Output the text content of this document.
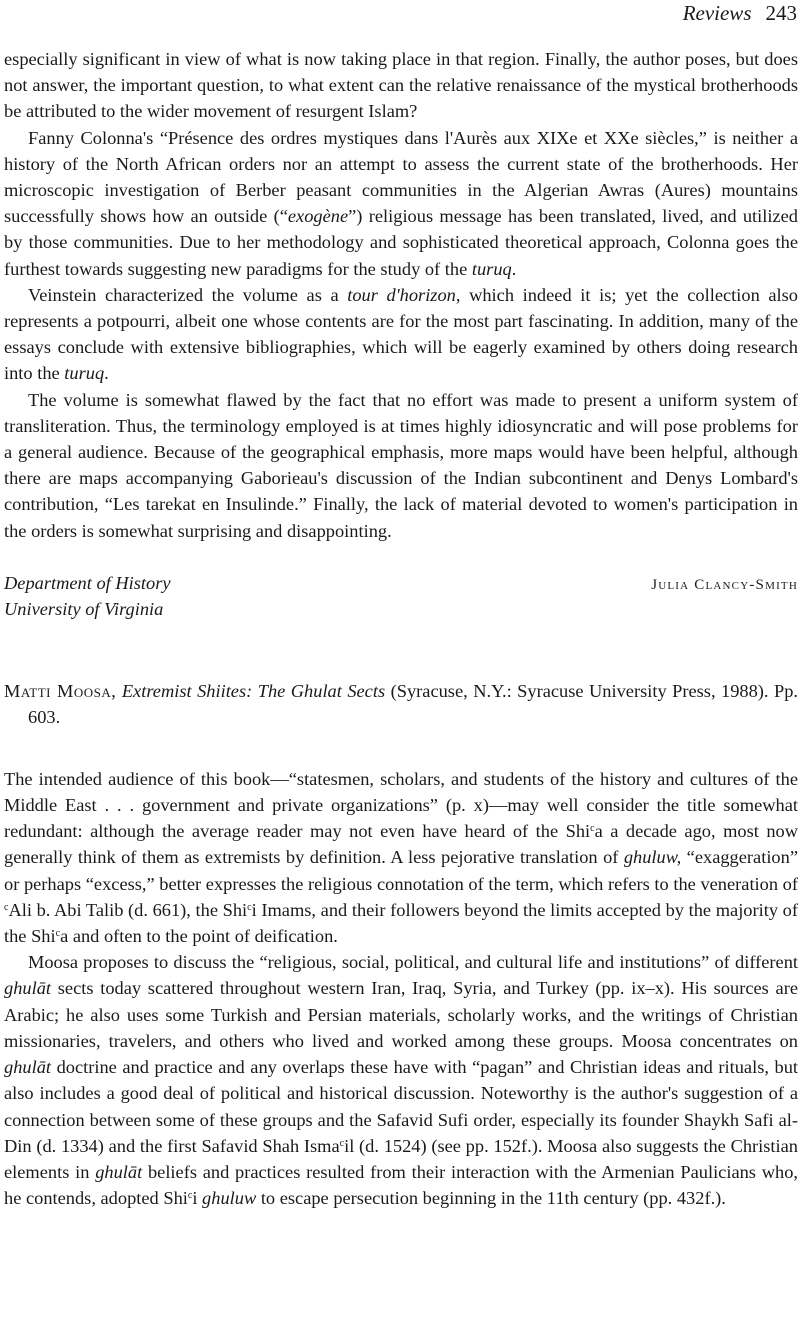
Reviews 243

especially significant in view of what is now taking place in that region. Finally, the author poses, but does not answer, the important question, to what extent can the relative renaissance of the mystical brotherhoods be attributed to the wider movement of resurgent Islam?

Fanny Colonna's “Présence des ordres mystiques dans l'Aurès aux XIXe et XXe siècles,” is neither a history of the North African orders nor an attempt to assess the current state of the brotherhoods. Her microscopic investigation of Berber peasant communities in the Algerian Awras (Aures) mountains successfully shows how an outside (“exogène”) religious message has been translated, lived, and utilized by those communities. Due to her methodology and sophisticated theoretical approach, Colonna goes the furthest towards suggesting new paradigms for the study of the turuq.

Veinstein characterized the volume as a tour d'horizon, which indeed it is; yet the collection also represents a potpourri, albeit one whose contents are for the most part fascinating. In addition, many of the essays conclude with extensive bibliographies, which will be eagerly examined by others doing research into the turuq.

The volume is somewhat flawed by the fact that no effort was made to present a uniform system of transliteration. Thus, the terminology employed is at times highly idiosyncratic and will pose problems for a general audience. Because of the geographical emphasis, more maps would have been helpful, although there are maps accompanying Gaborieau's discussion of the Indian subcontinent and Denys Lombard's contribution, “Les tarekat en Insulinde.” Finally, the lack of material devoted to women's participation in the orders is somewhat surprising and disappointing.

Department of History
University of Virginia
Julia Clancy-Smith
Matti Moosa, Extremist Shiites: The Ghulat Sects (Syracuse, N.Y.: Syracuse University Press, 1988). Pp. 603.

The intended audience of this book—“statesmen, scholars, and students of the history and cultures of the Middle East . . . government and private organizations” (p. x)—may well consider the title somewhat redundant: although the average reader may not even have heard of the Shi$^c$a a decade ago, most now generally think of them as extremists by definition. A less pejorative translation of ghuluw, “exaggeration” or perhaps “excess,” better expresses the religious connotation of the term, which refers to the veneration of $^c$Ali b. Abi Talib (d. 661), the Shi$^c$i Imams, and their followers beyond the limits accepted by the majority of the Shi$^c$a and often to the point of deification.

Moosa proposes to discuss the “religious, social, political, and cultural life and institutions” of different ghulāt sects today scattered throughout western Iran, Iraq, Syria, and Turkey (pp. ix–x). His sources are Arabic; he also uses some Turkish and Persian materials, scholarly works, and the writings of Christian missionaries, travelers, and others who lived and worked among these groups. Moosa concentrates on ghulāt doctrine and practice and any overlaps these have with “pagan” and Christian ideas and rituals, but also includes a good deal of political and historical discussion. Noteworthy is the author's suggestion of a connection between some of these groups and the Safavid Sufi order, especially its founder Shaykh Safi al-Din (d. 1334) and the first Safavid Shah Isma$^c$il (d. 1524) (see pp. 152f.). Moosa also suggests the Christian elements in ghulāt beliefs and practices resulted from their interaction with the Armenian Paulicians who, he contends, adopted Shi$^c$i ghuluw to escape persecution beginning in the 11th century (pp. 432f.).
